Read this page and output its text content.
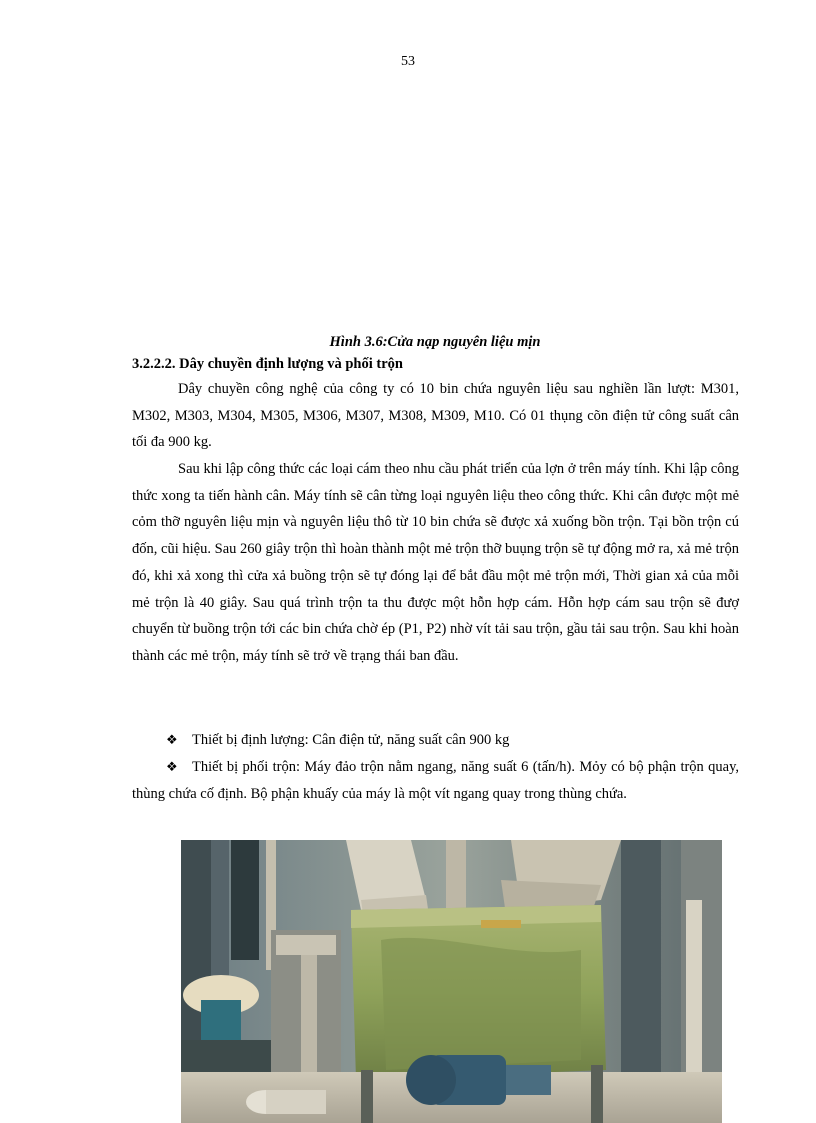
53
Hình 3.6:Cửa nạp nguyên liệu mịn
3.2.2.2. Dây chuyền định lượng và phối trộn

Dây chuyền công nghệ của công ty có 10 bin chứa nguyên liệu sau nghiền lần lượt: M301, M302, M303, M304, M305, M306, M307, M308, M309, M10. Có 01 thụng cõn điện tử công suất cân tối đa 900 kg.

Sau khi lập công thức các loại cám theo nhu cầu phát triển của lợn ở trên máy tính. Khi lập công thức xong ta tiến hành cân. Máy tính sẽ cân từng loại nguyên liệu theo công thức. Khi cân được một mẻ cỏm thỡ nguyên liệu mịn và nguyên liệu thô từ 10 bin chứa sẽ được xả xuống bồn trộn. Tại bồn trộn cú đốn, cũi hiệu. Sau 260 giây trộn thì hoàn thành một mẻ trộn thỡ buụng trộn sẽ tự động mở ra, xả mẻ trộn đó, khi xả xong thì cửa xả buồng trộn sẽ tự đóng lại để bắt đầu một mẻ trộn mới, Thời gian xả của mỗi mẻ trộn là 40 giây. Sau quá trình trộn ta thu được một hỗn hợp cám. Hỗn hợp cám sau trộn sẽ đượ chuyển từ buồng trộn tới các bin chứa chờ ép (P1, P2) nhờ vít tải sau trộn, gầu tải sau trộn. Sau khi hoàn thành các mẻ trộn, máy tính sẽ trở về trạng thái ban đầu.

❖ Thiết bị định lượng: Cân điện tử, năng suất cân 900 kg

❖ Thiết bị phối trộn: Máy đảo trộn nằm ngang, năng suất 6 (tấn/h). Mỏy có bộ phận trộn quay, thùng chứa cố định. Bộ phận khuấy của máy là một vít ngang quay trong thùng chứa.
